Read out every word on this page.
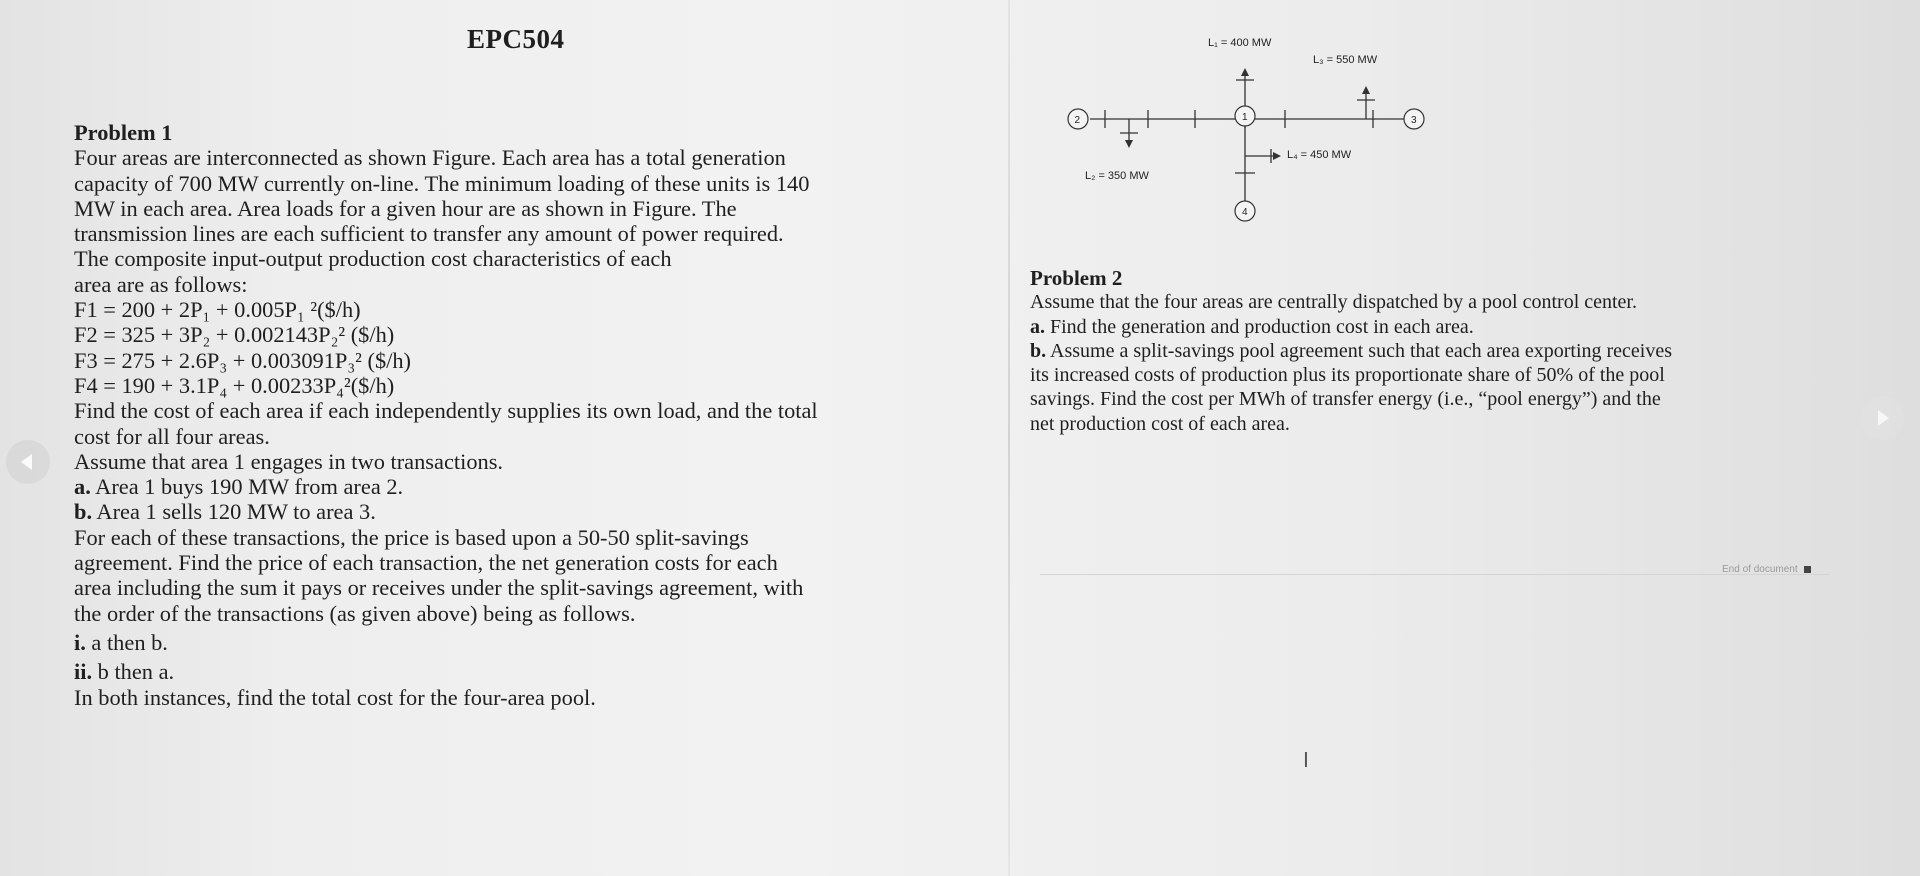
EPC504
Problem 1
Four areas are interconnected as shown Figure. Each area has a total generation
capacity of 700 MW currently on-line. The minimum loading of these units is 140
MW in each area. Area loads for a given hour are as shown in Figure. The
transmission lines are each sufficient to transfer any amount of power required.
The composite input-output production cost characteristics of each
area are as follows:
F1 = 200 + 2P₁ + 0.005P₁ ²($/h)
F2 = 325 + 3P₂ + 0.002143P₂² ($/h)
F3 = 275 + 2.6P₃ + 0.003091P₃² ($/h)
F4 = 190 + 3.1P₄ + 0.00233P₄²($/h)
Find the cost of each area if each independently supplies its own load, and the total
cost for all four areas.
Assume that area 1 engages in two transactions.
a. Area 1 buys 190 MW from area 2.
b. Area 1 sells 120 MW to area 3.
For each of these transactions, the price is based upon a 50-50 split-savings
agreement. Find the price of each transaction, the net generation costs for each
area including the sum it pays or receives under the split-savings agreement, with
the order of the transactions (as given above) being as follows.
i. a then b.
ii. b then a.
In both instances, find the total cost for the four-area pool.
2	1	3
4
L₁ = 400 MW
L₃ = 550 MW
L₂ = 350 MW
L₄ = 450 MW
Problem 2
Assume that the four areas are centrally dispatched by a pool control center.
a. Find the generation and production cost in each area.
b. Assume a split-savings pool agreement such that each area exporting receives
its increased costs of production plus its proportionate share of 50% of the pool
savings. Find the cost per MWh of transfer energy (i.e., “pool energy”) and the
net production cost of each area.
End of document
I
